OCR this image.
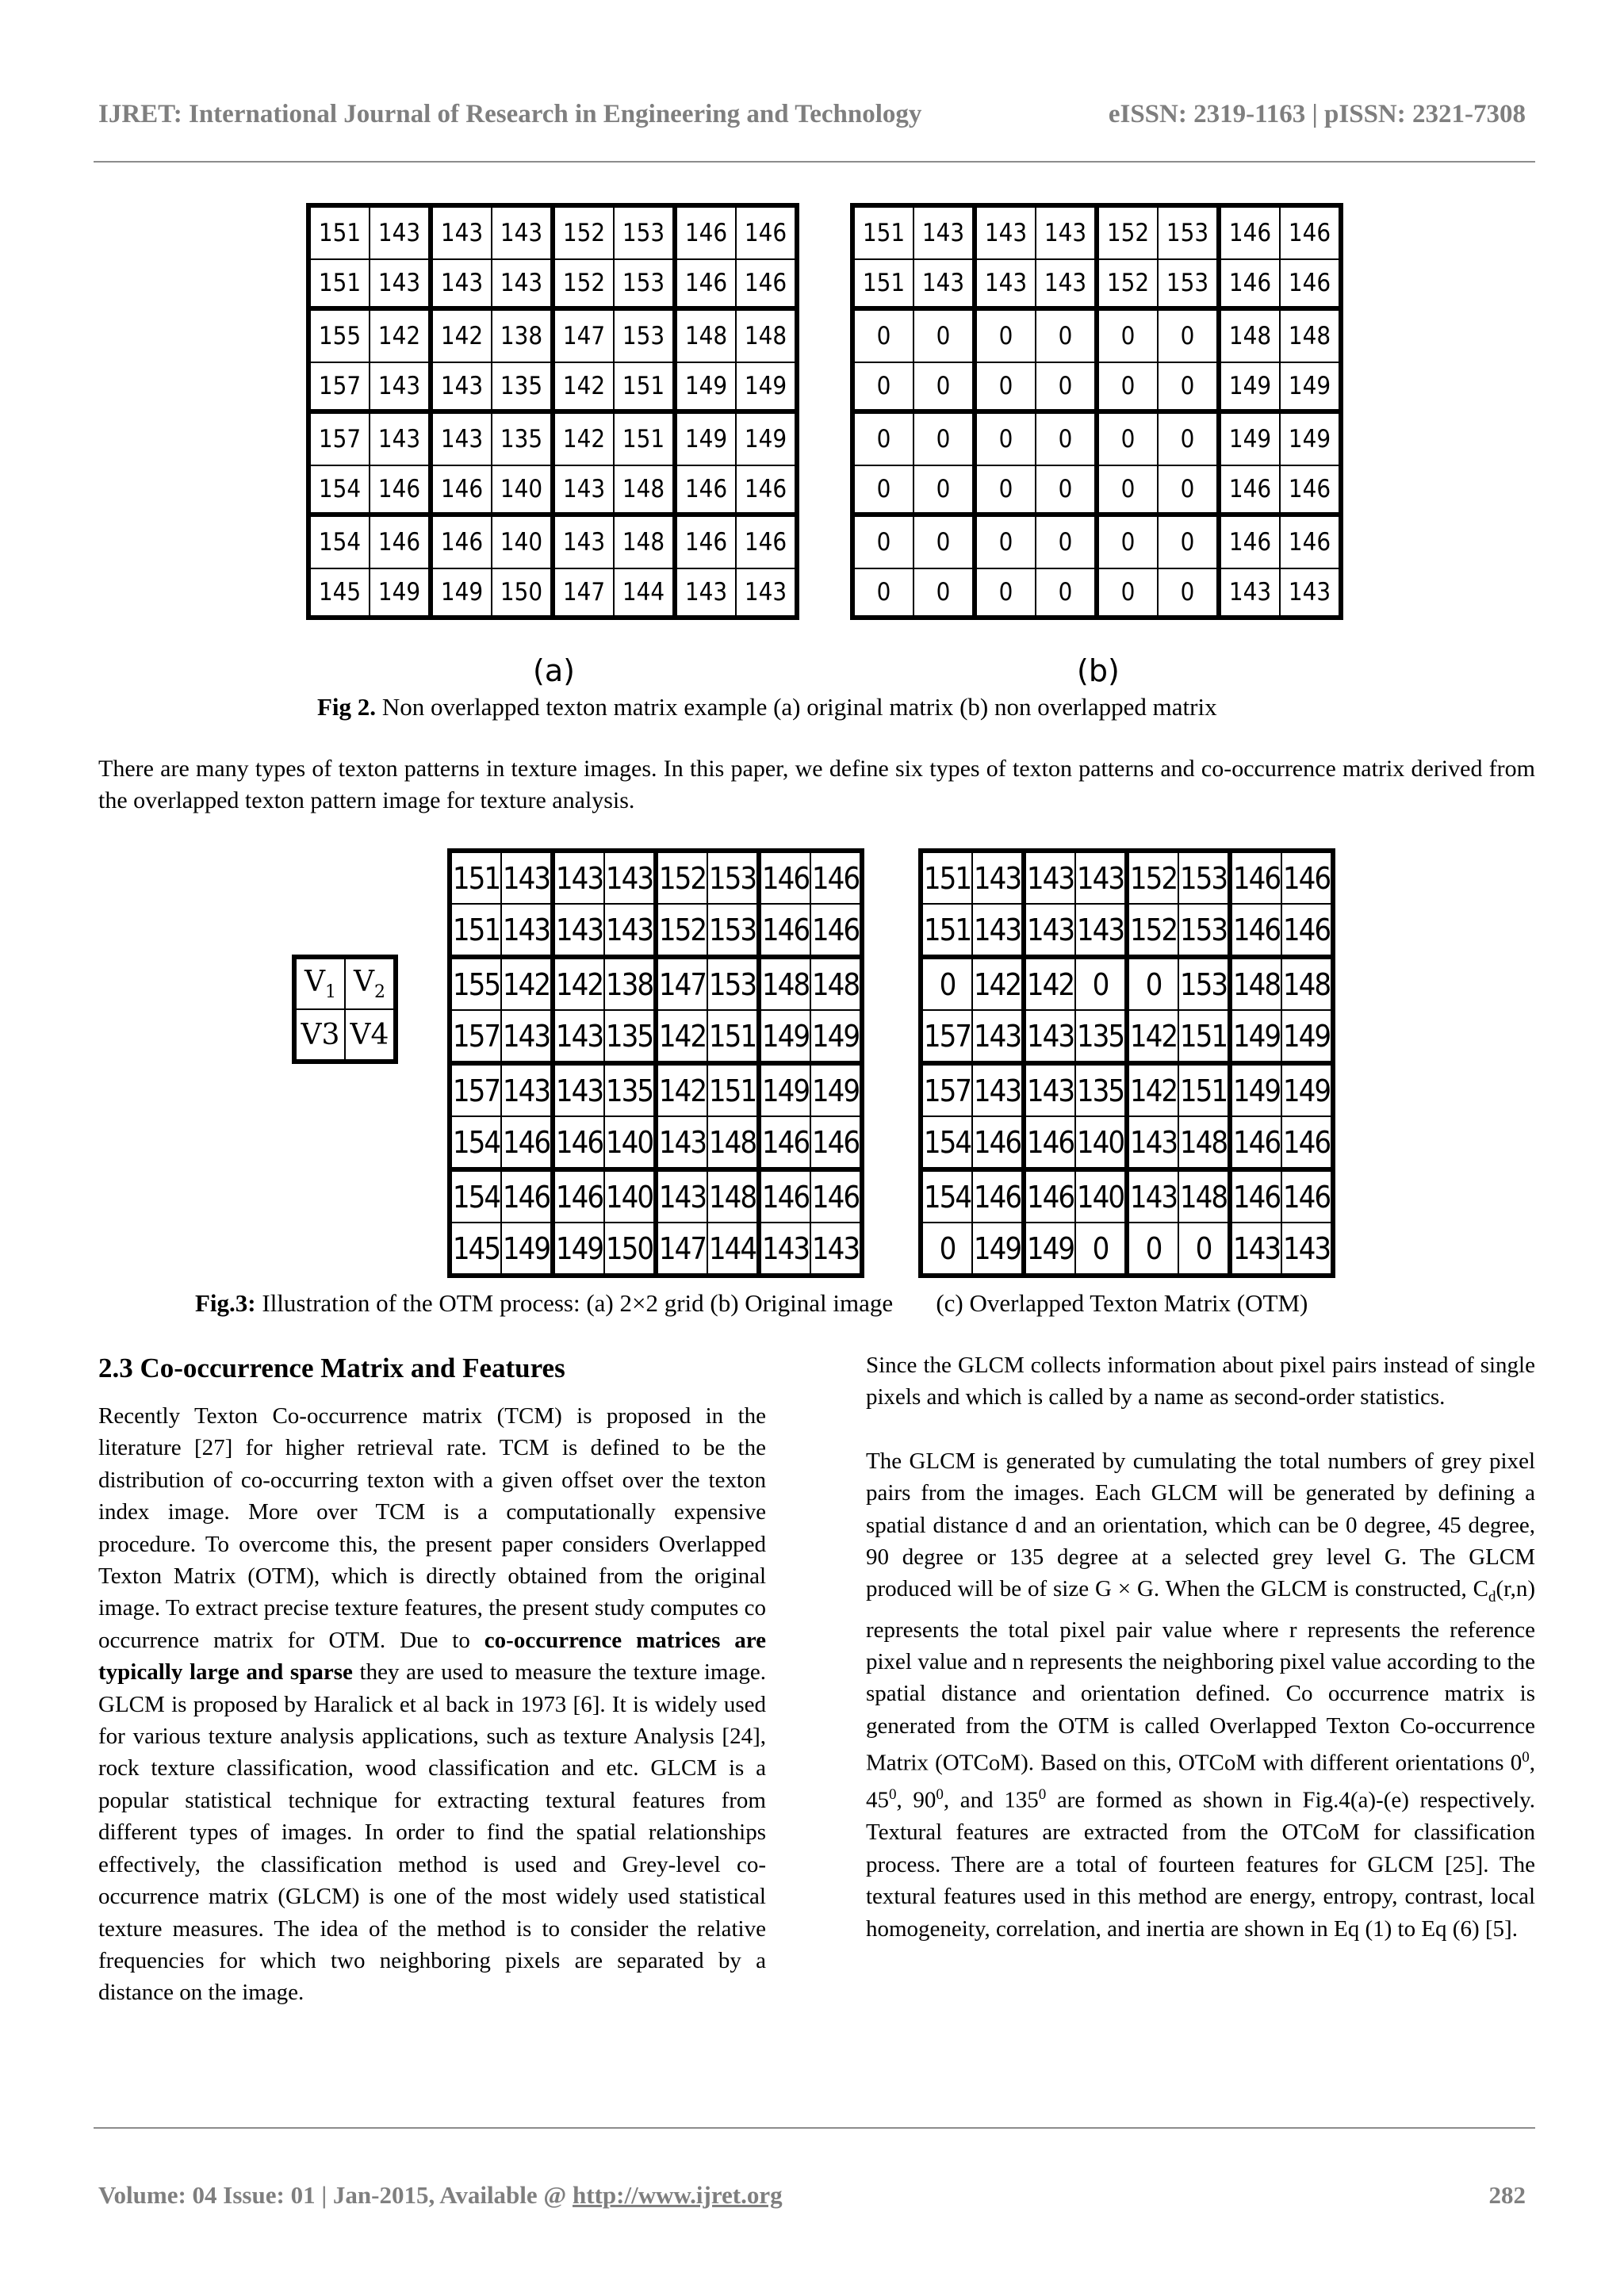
IJRET: International Journal of Research in Engineering and Technology	eISSN: 2319-1163 | pISSN: 2321-7308
151	143	143	143	152	153	146	146
151	143	143	143	152	153	146	146
155	142	142	138	147	153	148	148
157	143	143	135	142	151	149	149
157	143	143	135	142	151	149	149
154	146	146	140	143	148	146	146
154	146	146	140	143	148	146	146
145	149	149	150	147	144	143	143
151	143	143	143	152	153	146	146
151	143	143	143	152	153	146	146
0	0	0	0	0	0	148	148
0	0	0	0	0	0	149	149
0	0	0	0	0	0	149	149
0	0	0	0	0	0	146	146
0	0	0	0	0	0	146	146
0	0	0	0	0	0	143	143
(a)	(b)
Fig 2. Non overlapped texton matrix example (a) original matrix (b) non overlapped matrix
There are many types of texton patterns in texture images. In this paper, we define six types of texton patterns and co-occurrence matrix derived from the overlapped texton pattern image for texture analysis.
$V_1$	$V_2$
V3	V4
151	143	143	143	152	153	146	146
151	143	143	143	152	153	146	146
155	142	142	138	147	153	148	148
157	143	143	135	142	151	149	149
157	143	143	135	142	151	149	149
154	146	146	140	143	148	146	146
154	146	146	140	143	148	146	146
145	149	149	150	147	144	143	143
151	143	143	143	152	153	146	146
151	143	143	143	152	153	146	146
0	142	142	0	0	153	148	148
157	143	143	135	142	151	149	149
157	143	143	135	142	151	149	149
154	146	146	140	143	148	146	146
154	146	146	140	143	148	146	146
0	149	149	0	0	0	143	143
Fig.3: Illustration of the OTM process: (a) 2×2 grid (b) Original image       (c) Overlapped Texton Matrix (OTM)
2.3 Co-occurrence Matrix and Features

Recently Texton Co-occurrence matrix (TCM) is proposed in the literature [27] for higher retrieval rate. TCM is defined to be the distribution of co-occurring texton with a given offset over the texton index image. More over TCM is a computationally expensive procedure. To overcome this, the present paper considers Overlapped Texton Matrix (OTM), which is directly obtained from the original image. To extract precise texture features, the present study computes co occurrence matrix for OTM. Due to co-occurrence matrices are typically large and sparse they are used to measure the texture image. GLCM is proposed by Haralick et al back in 1973 [6]. It is widely used for various texture analysis applications, such as texture Analysis [24], rock texture classification, wood classification and etc. GLCM is a popular statistical technique for extracting textural features from different types of images. In order to find the spatial relationships effectively, the classification method is used and Grey-level co-occurrence matrix (GLCM) is one of the most widely used statistical texture measures. The idea of the method is to consider the relative frequencies for which two neighboring pixels are separated by a distance on the image.

Since the GLCM collects information about pixel pairs instead of single pixels and which is called by a name as second-order statistics.

The GLCM is generated by cumulating the total numbers of grey pixel pairs from the images. Each GLCM will be generated by defining a spatial distance d and an orientation, which can be 0 degree, 45 degree, 90 degree or 135 degree at a selected grey level G. The GLCM produced will be of size G × G. When the GLCM is constructed, $C_d(r,n)$ represents the total pixel pair value where r represents the reference pixel value and n represents the neighboring pixel value according to the spatial distance and orientation defined. Co occurrence matrix is generated from the OTM is called Overlapped Texton Co-occurrence Matrix (OTCoM). Based on this, OTCoM with different orientations $0^0$, $45^0$, $90^0$, and $135^0$ are formed as shown in Fig.4(a)-(e) respectively. Textural features are extracted from the OTCoM for classification process. There are a total of fourteen features for GLCM [25]. The textural features used in this method are energy, entropy, contrast, local homogeneity, correlation, and inertia are shown in Eq (1) to Eq (6) [5].

Volume: 04 Issue: 01 | Jan-2015, Available @ http://www.ijret.org	282
